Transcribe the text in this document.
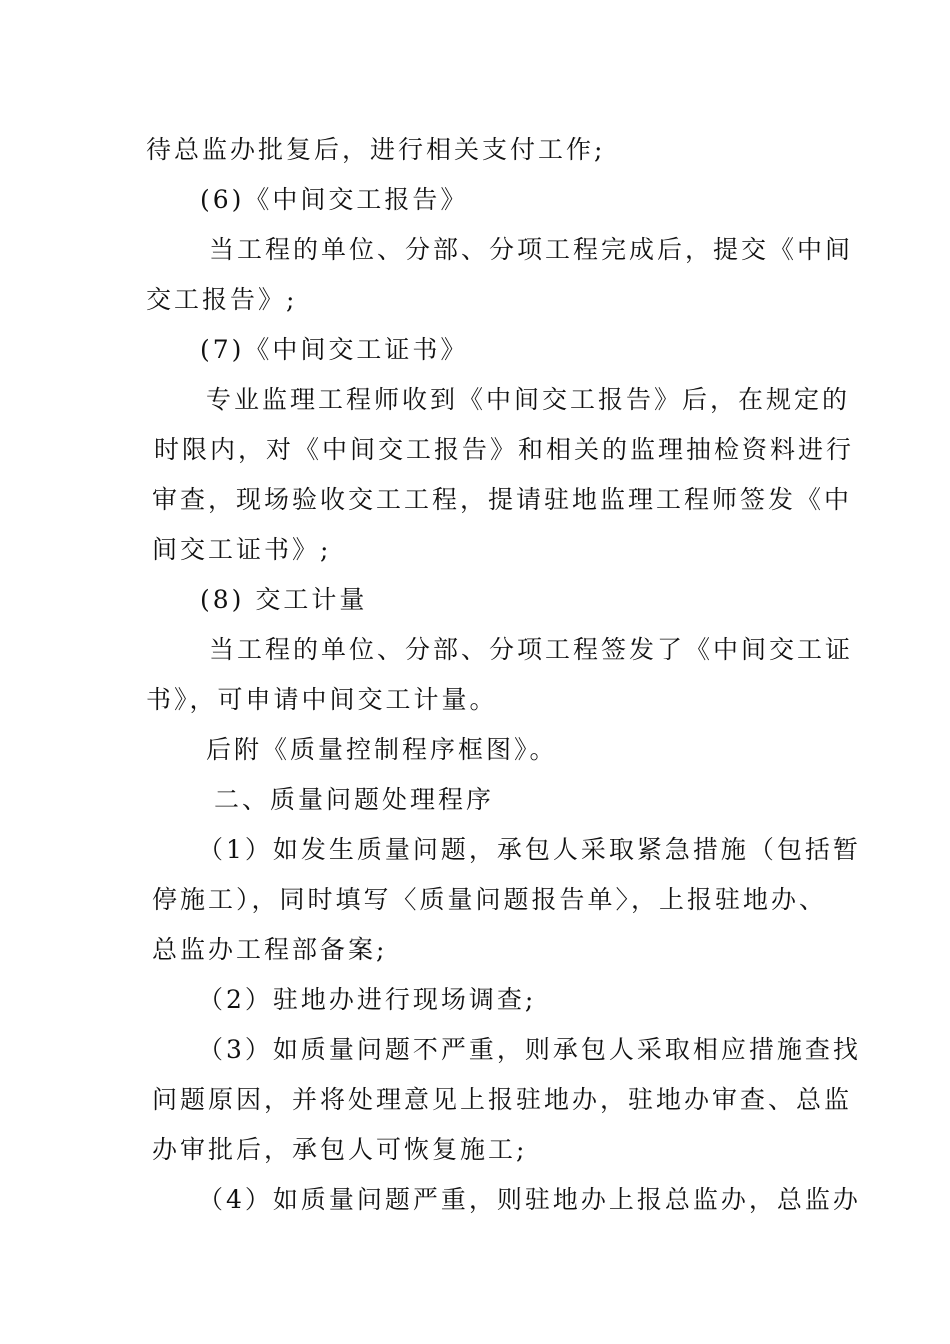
待总监办批复后，进行相关支付工作;
(6)《中间交工报告》
当工程的单位、分部、分项工程完成后，提交《中间
交工报告》;
(7)《中间交工证书》
专业监理工程师收到《中间交工报告》后，在规定的
时限内，对《中间交工报告》和相关的监理抽检资料进行
审查，现场验收交工工程，提请驻地监理工程师签发《中
间交工证书》;
(8) 交工计量
当工程的单位、分部、分项工程签发了《中间交工证
书》，可申请中间交工计量。
后附《质量控制程序框图》。
二、质量问题处理程序
（1）如发生质量问题，承包人采取紧急措施（包括暂
停施工），同时填写〈质量问题报告单〉，上报驻地办、
总监办工程部备案;
（2）驻地办进行现场调查;
（3）如质量问题不严重，则承包人采取相应措施查找
问题原因，并将处理意见上报驻地办，驻地办审查、总监
办审批后，承包人可恢复施工;
（4）如质量问题严重，则驻地办上报总监办，总监办
